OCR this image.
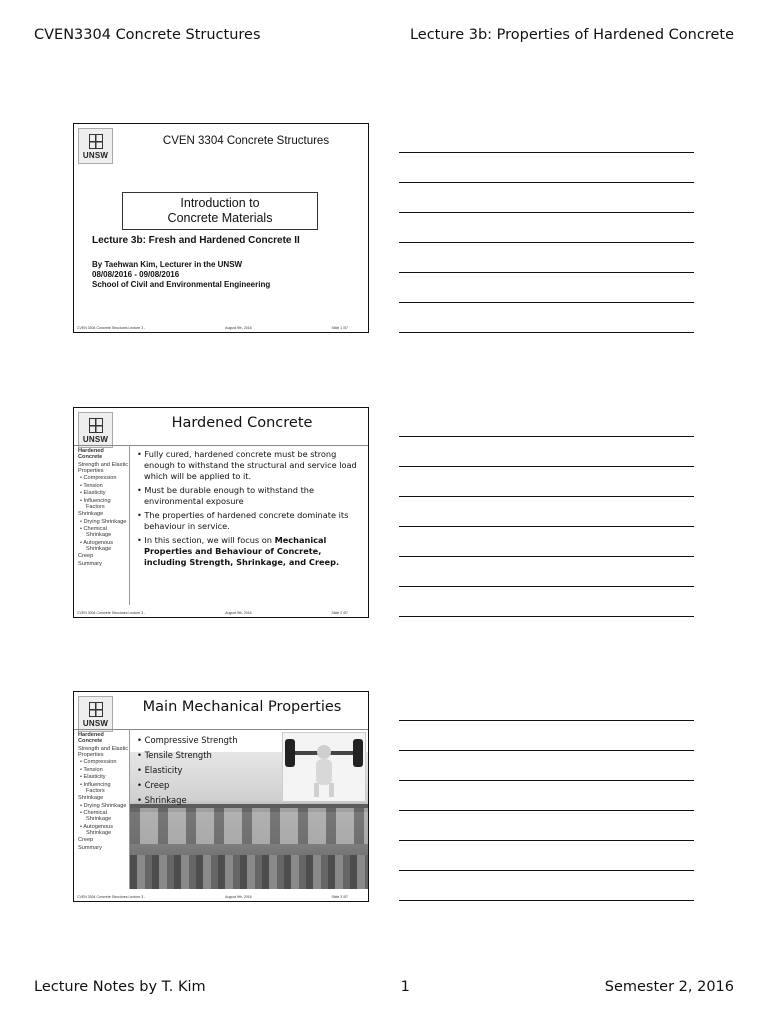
CVEN3304 Concrete Structures	Lecture 3b: Properties of Hardened Concrete
UNSW
CVEN 3304 Concrete Structures
Introduction to
Concrete Materials
Lecture 3b: Fresh and Hardened Concrete II
By Taehwan Kim, Lecturer in the UNSW
08/08/2016 - 09/08/2016
School of Civil and Environmental Engineering
CVEN 3304 Concrete Structures Lecture 3 -	August 9th, 2016	Slide 1 /57
UNSW
Hardened Concrete
Hardened Concrete
Strength and Elastic Properties
• Compression
• Tension
• Elasticity
• Influencing Factors
Shrinkage
• Drying Shrinkage
• Chemical Shrinkage
• Autogenous Shrinkage
Creep
Summary
• Fully cured, hardened concrete must be strong enough to withstand the structural and service load which will be applied to it.
• Must be durable enough to withstand the environmental exposure
• The properties of hardened concrete dominate its behaviour in service.
• In this section, we will focus on Mechanical Properties and Behaviour of Concrete, including Strength, Shrinkage, and Creep.
CVEN 3304 Concrete Structures Lecture 3 -	August 9th, 2016	Slide 2 /57
UNSW
Main Mechanical Properties
Hardened Concrete
Strength and Elastic Properties
• Compression
• Tension
• Elasticity
• Influencing Factors
Shrinkage
• Drying Shrinkage
• Chemical Shrinkage
• Autogenous Shrinkage
Creep
Summary
• Compressive Strength
• Tensile Strength
• Elasticity
• Creep
• Shrinkage
CVEN 3304 Concrete Structures Lecture 3 -	August 9th, 2016	Slide 3 /57
Lecture Notes by T. Kim	1	Semester 2, 2016
